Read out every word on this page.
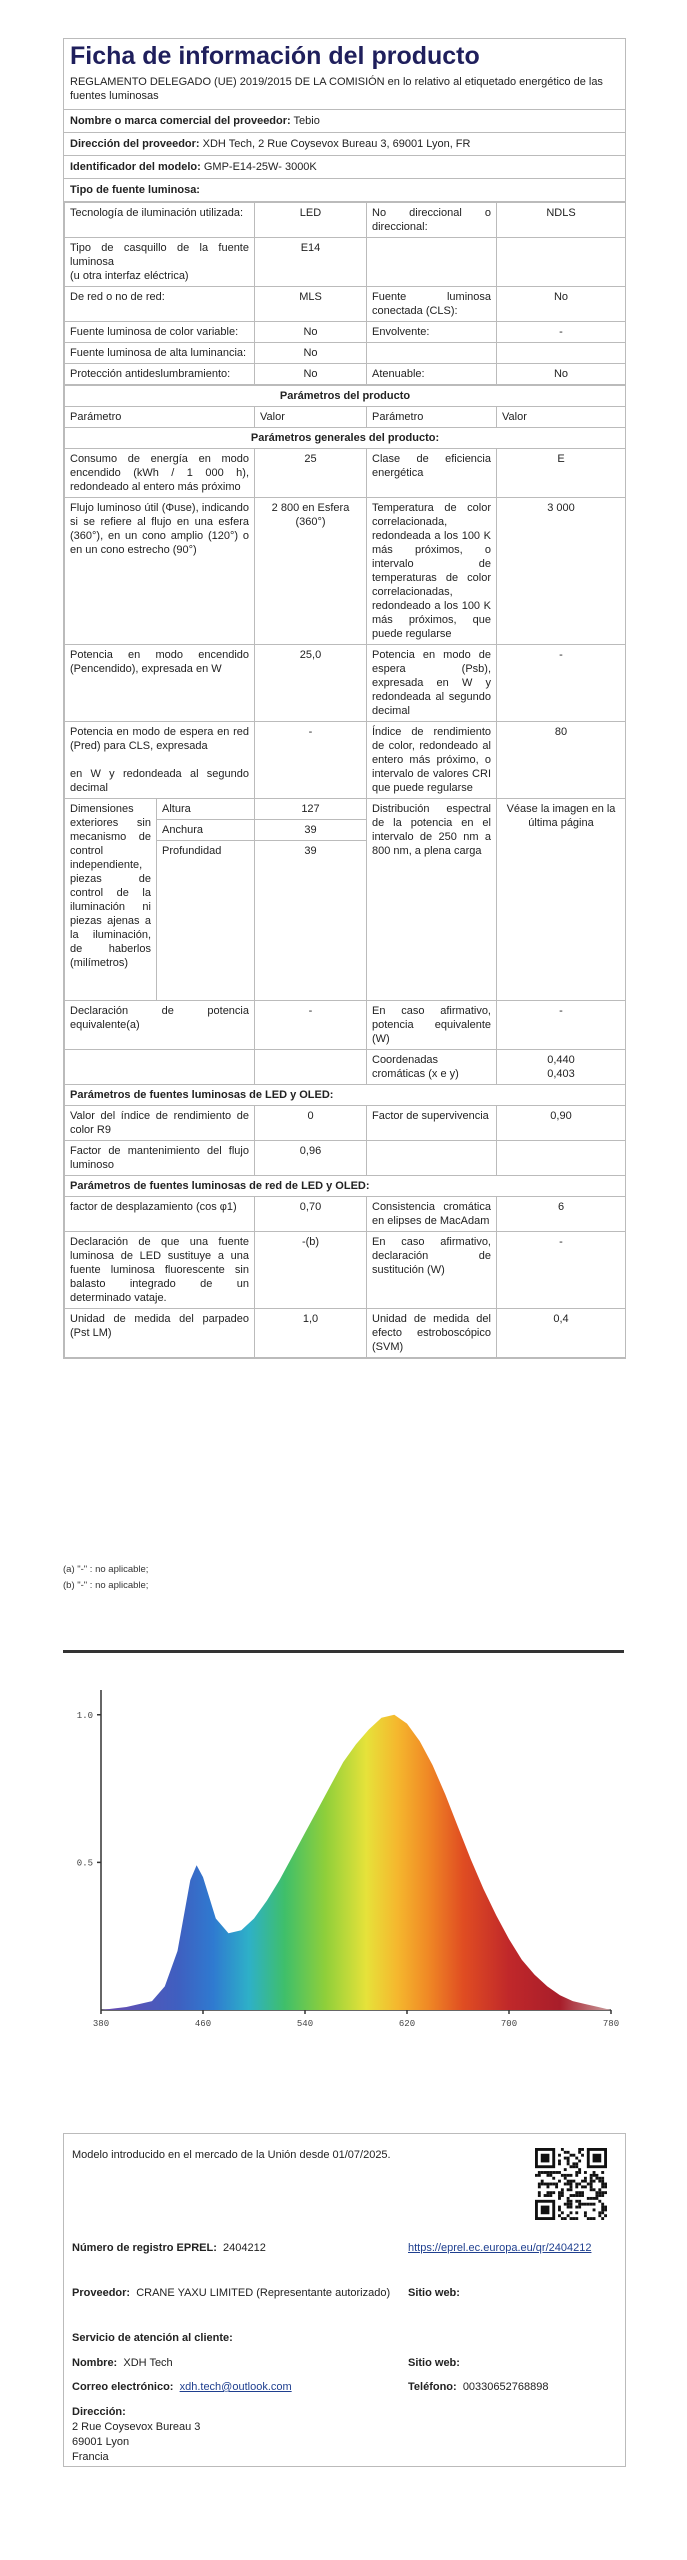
Ficha de información del producto
REGLAMENTO DELEGADO (UE) 2019/2015 DE LA COMISIÓN en lo relativo al etiquetado energético de las fuentes luminosas
Nombre o marca comercial del proveedor: Tebio
Dirección del proveedor: XDH Tech, 2 Rue Coysevox Bureau 3, 69001 Lyon, FR
Identificador del modelo: GMP-E14-25W- 3000K
Tipo de fuente luminosa:
Tecnología de iluminación utilizada:	LED	No direccional o direccional:	NDLS
Tipo de casquillo de la fuente luminosa
(u otra interfaz eléctrica)	E14		
De red o no de red:	MLS	Fuente luminosa conectada (CLS):	No
Fuente luminosa de color variable:	No	Envolvente:	-
Fuente luminosa de alta luminancia:	No		
Protección antideslumbramiento:	No	Atenuable:	No
Parámetros del producto				
Parámetro		Valor	Parámetro	Valor
Parámetros generales del producto:				
Consumo de energía en modo encendido (kWh / 1 000 h), redondeado al entero más próximo		25	Clase de eficiencia energética	E
Flujo luminoso útil (Φuse), indicando si se refiere al flujo en una esfera (360°), en un cono amplio (120°) o en un cono estrecho (90°)		2 800 en Esfera (360°)	Temperatura de color correlacionada, redondeada a los 100 K más próximos, o intervalo de temperaturas de color correlacionadas, redondeado a los 100 K más próximos, que puede regularse	3 000
Potencia en modo encendido (Pencendido), expresada en W		25,0	Potencia en modo de espera (Psb), expresada en W y redondeada al segundo decimal	-
Potencia en modo de espera en red (Pred) para CLS, expresada

en W y redondeada al segundo decimal		-	Índice de rendimiento de color, redondeado al entero más próximo, o intervalo de valores CRI que puede regularse	80
Dimensiones exteriores sin mecanismo de control independiente, piezas de control de la iluminación ni piezas ajenas a la iluminación, de haberlos (milímetros)	Altura	127	Distribución espectral de la potencia en el intervalo de 250 nm a 800 nm, a plena carga	Véase la imagen en la última página
	Anchura	39		
	Profundidad	39		
Declaración de potencia equivalente(a)		-	En caso afirmativo, potencia equivalente (W)	-
			Coordenadas cromáticas (x e y)	0,440
0,403
Parámetros de fuentes luminosas de LED y OLED:				
Valor del índice de rendimiento de color R9		0	Factor de supervivencia	0,90
Factor de mantenimiento del flujo luminoso		0,96		
Parámetros de fuentes luminosas de red de LED y OLED:				
factor de desplazamiento (cos φ1)		0,70	Consistencia cromática en elipses de MacAdam	6
Declaración de que una fuente luminosa de LED sustituye a una fuente luminosa fluorescente sin balasto integrado de un determinado vataje.		-(b)	En caso afirmativo, declaración de sustitución (W)	-
Unidad de medida del parpadeo (Pst LM)		1,0	Unidad de medida del efecto estroboscópico (SVM)	0,4
(a) "-" : no aplicable;
(b) "-" : no aplicable;
380	460	540	620	700	780
0.5
1.0
Modelo introducido en el mercado de la Unión desde 01/07/2025.
Número de registro EPREL: 2404212	https://eprel.ec.europa.eu/qr/2404212
Proveedor: CRANE YAXU LIMITED (Representante autorizado)	Sitio web:
Servicio de atención al cliente:
Nombre: XDH Tech	Sitio web:
Correo electrónico: xdh.tech@outlook.com	Teléfono: 00330652768898
Dirección:
2 Rue Coysevox Bureau 3
69001 Lyon
Francia
